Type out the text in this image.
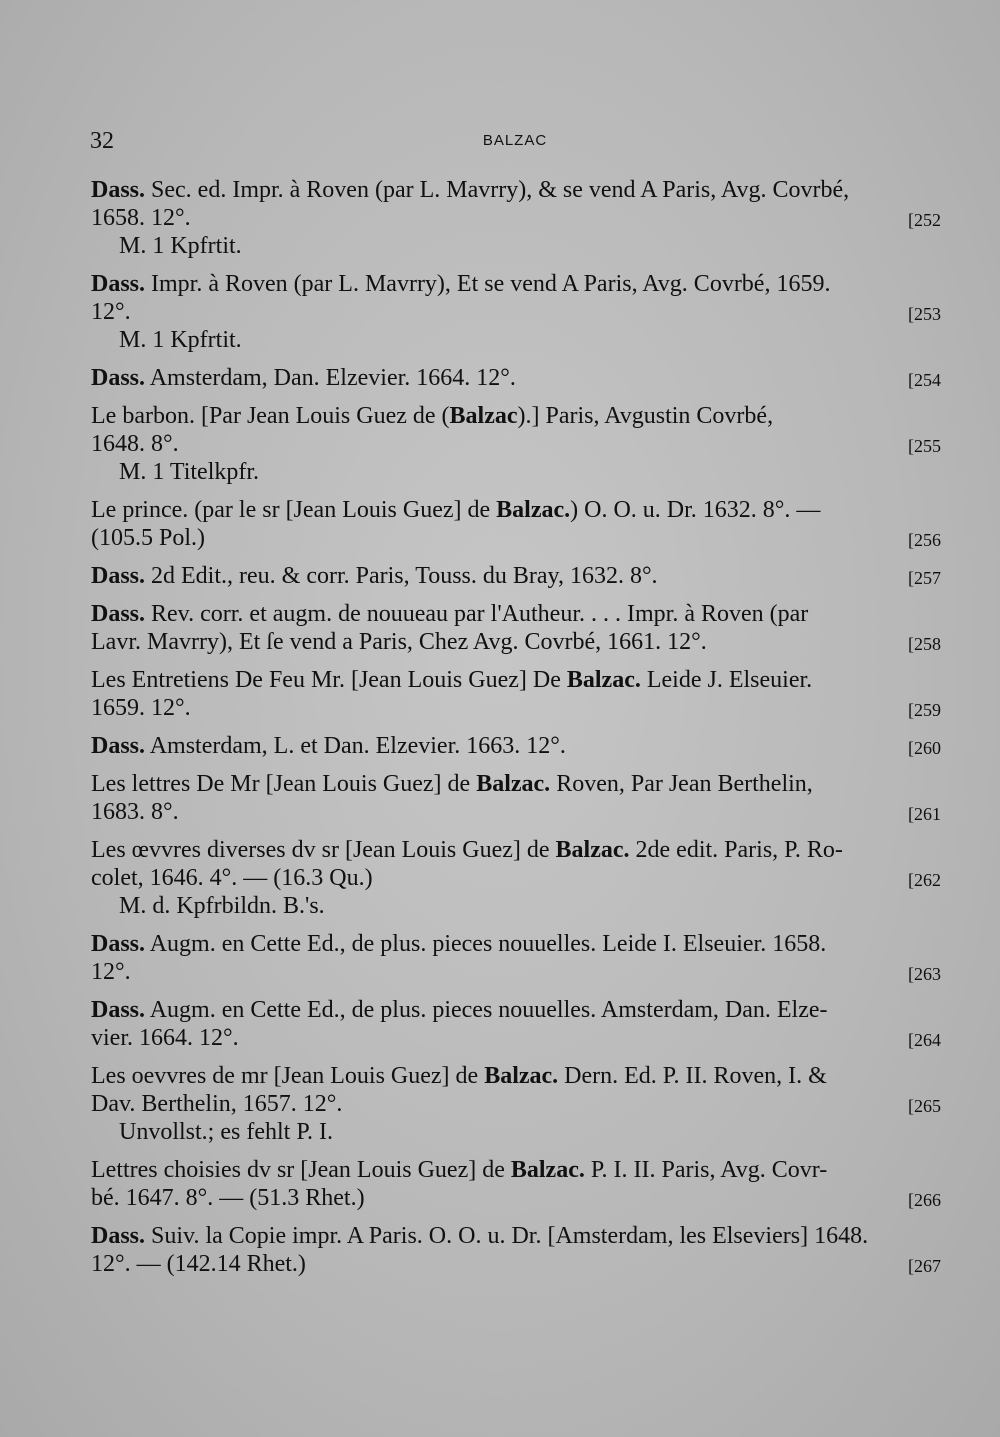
32	BALZAC
Dass. Sec. ed. Impr. à Roven (par L. Mavrry), & se vend A Paris, Avg. Covrbé,
1658. 12°.	[252
M. 1 Kpfrtit.
Dass. Impr. à Roven (par L. Mavrry), Et se vend A Paris, Avg. Covrbé, 1659.
12°.	[253
M. 1 Kpfrtit.
Dass. Amsterdam, Dan. Elzevier. 1664. 12°.	[254
Le barbon. [Par Jean Louis Guez de (Balzac).] Paris, Avgustin Covrbé,
1648. 8°.	[255
M. 1 Titelkpfr.
Le prince. (par le sr [Jean Louis Guez] de Balzac.) O. O. u. Dr. 1632. 8°. —
(105.5 Pol.)	[256
Dass. 2d Edit., reu. & corr. Paris, Touss. du Bray, 1632. 8°.	[257
Dass. Rev. corr. et augm. de nouueau par l'Autheur. . . . Impr. à Roven (par
Lavr. Mavrry), Et ſe vend a Paris, Chez Avg. Covrbé, 1661. 12°.	[258
Les Entretiens De Feu Mr. [Jean Louis Guez] De Balzac. Leide J. Elseuier.
1659. 12°.	[259
Dass. Amsterdam, L. et Dan. Elzevier. 1663. 12°.	[260
Les lettres De Mr [Jean Louis Guez] de Balzac. Roven, Par Jean Berthelin,
1683. 8°.	[261
Les œvvres diverses dv sr [Jean Louis Guez] de Balzac. 2de edit. Paris, P. Ro-
colet, 1646. 4°. — (16.3 Qu.)	[262
M. d. Kpfrbildn. B.'s.
Dass. Augm. en Cette Ed., de plus. pieces nouuelles. Leide I. Elseuier. 1658.
12°.	[263
Dass. Augm. en Cette Ed., de plus. pieces nouuelles. Amsterdam, Dan. Elze-
vier. 1664. 12°.	[264
Les oevvres de mr [Jean Louis Guez] de Balzac. Dern. Ed. P. II. Roven, I. &
Dav. Berthelin, 1657. 12°.	[265
Unvollst.; es fehlt P. I.
Lettres choisies dv sr [Jean Louis Guez] de Balzac. P. I. II. Paris, Avg. Covr-
bé. 1647. 8°. — (51.3 Rhet.)	[266
Dass. Suiv. la Copie impr. A Paris. O. O. u. Dr. [Amsterdam, les Elseviers] 1648.
12°. — (142.14 Rhet.)	[267
